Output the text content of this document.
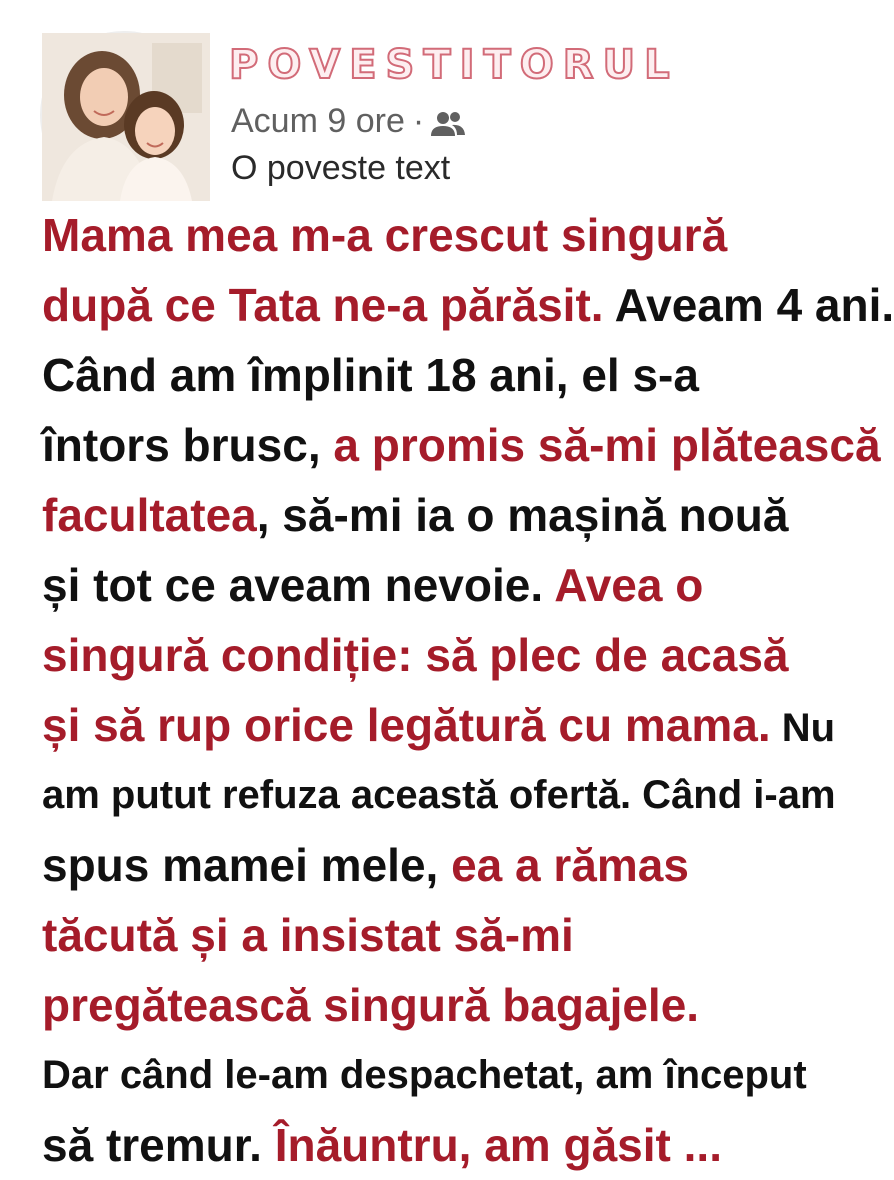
POVESTITORUL
Acum 9 ore ·
O poveste text
Mama mea m-a crescut singură
după ce Tata ne-a părăsit. Aveam 4 ani.
Când am împlinit 18 ani, el s-a
întors brusc, a promis să-mi plătească
facultatea, să-mi ia o mașină nouă
și tot ce aveam nevoie. Avea o
singură condiție: să plec de acasă
și să rup orice legătură cu mama. Nu
am putut refuza această ofertă. Când i-am
spus mamei mele, ea a rămas
tăcută și a insistat să-mi
pregătească singură bagajele.
Dar când le-am despachetat, am început
să tremur. Înăuntru, am găsit ...
